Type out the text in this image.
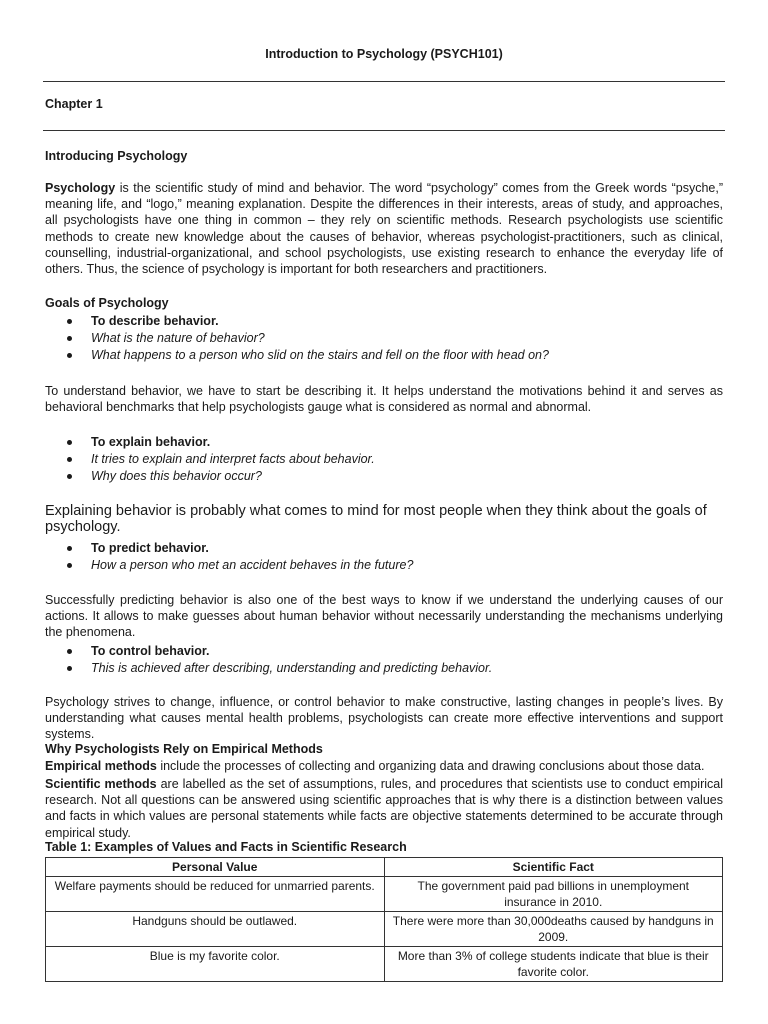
Introduction to Psychology (PSYCH101)
Chapter 1
Introducing Psychology

Psychology is the scientific study of mind and behavior. The word “psychology” comes from the Greek words “psyche,” meaning life, and “logo,” meaning explanation. Despite the differences in their interests, areas of study, and approaches, all psychologists have one thing in common – they rely on scientific methods. Research psychologists use scientific methods to create new knowledge about the causes of behavior, whereas psychologist-practitioners, such as clinical, counselling, industrial-organizational, and school psychologists, use existing research to enhance the everyday life of others. Thus, the science of psychology is important for both researchers and practitioners.

Goals of Psychology
To describe behavior.
What is the nature of behavior?
What happens to a person who slid on the stairs and fell on the floor with head on?

To understand behavior, we have to start be describing it. It helps understand the motivations behind it and serves as behavioral benchmarks that help psychologists gauge what is considered as normal and abnormal.

To explain behavior.
It tries to explain and interpret facts about behavior.
Why does this behavior occur?
Explaining behavior is probably what comes to mind for most people when they think about the goals of psychology.
To predict behavior.
How a person who met an accident behaves in the future?

Successfully predicting behavior is also one of the best ways to know if we understand the underlying causes of our actions. It allows to make guesses about human behavior without necessarily understanding the mechanisms underlying the phenomena.

To control behavior.
This is achieved after describing, understanding and predicting behavior.

Psychology strives to change, influence, or control behavior to make constructive, lasting changes in people’s lives. By understanding what causes mental health problems, psychologists can create more effective interventions and support systems.

Why Psychologists Rely on Empirical Methods

Empirical methods include the processes of collecting and organizing data and drawing conclusions about those data.

Scientific methods are labelled as the set of assumptions, rules, and procedures that scientists use to conduct empirical research. Not all questions can be answered using scientific approaches that is why there is a distinction between values and facts in which values are personal statements while facts are objective statements determined to be accurate through empirical study.

Table 1: Examples of Values and Facts in Scientific Research
Personal Value	Scientific Fact
Welfare payments should be reduced for unmarried parents.	The government paid pad billions in unemployment insurance in 2010.
Handguns should be outlawed.	There were more than 30,000deaths caused by handguns in 2009.
Blue is my favorite color.	More than 3% of college students indicate that blue is their favorite color.
